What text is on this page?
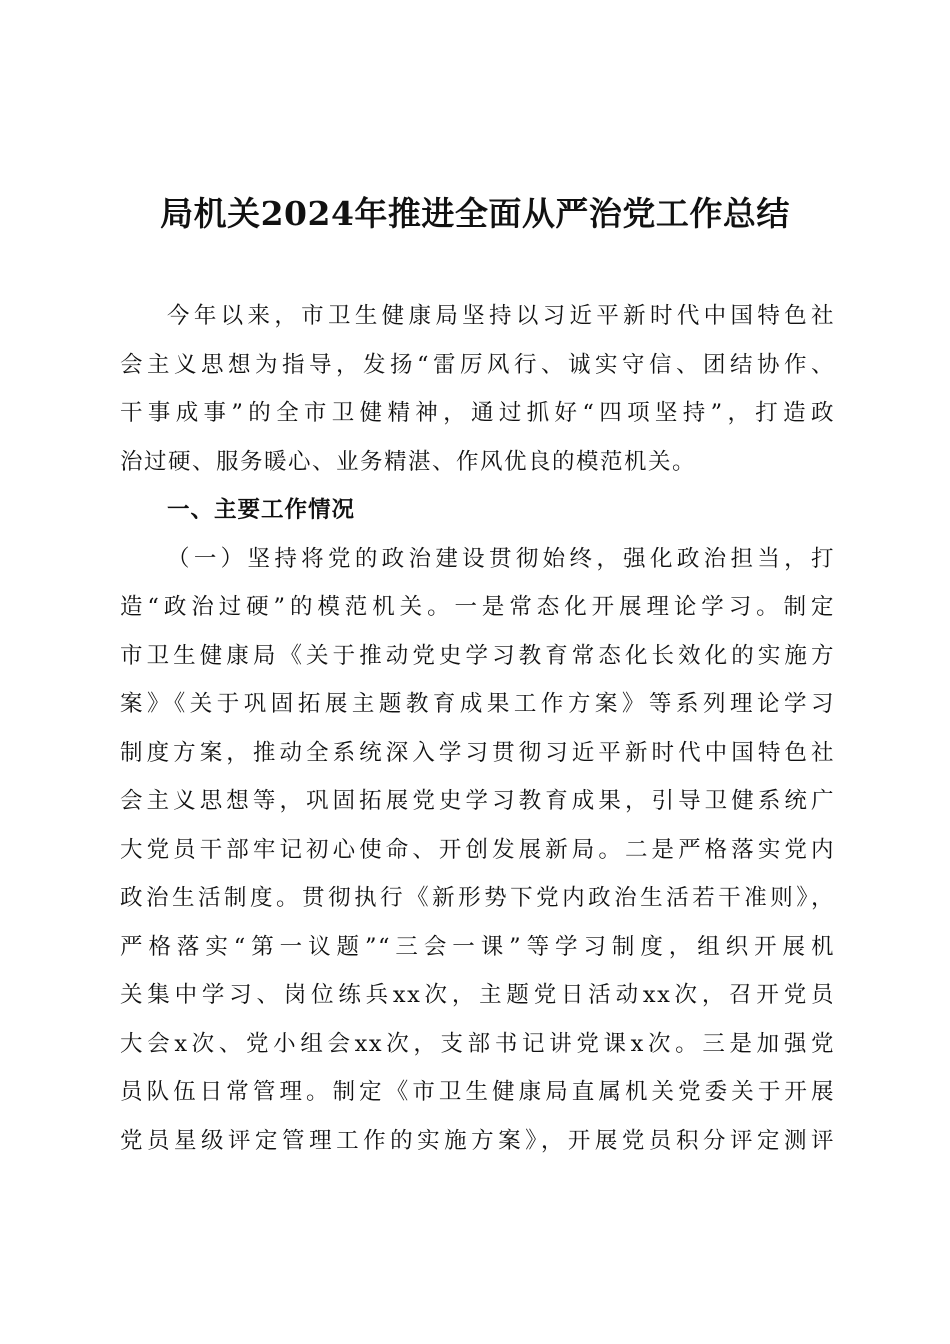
局机关2024年推进全面从严治党工作总结
今年以来，市卫生健康局坚持以习近平新时代中国特色社
会主义思想为指导，发扬“雷厉风行、诚实守信、团结协作、
干事成事”的全市卫健精神，通过抓好“四项坚持”，打造政
治过硬、服务暖心、业务精湛、作风优良的模范机关。
一、主要工作情况
（一）坚持将党的政治建设贯彻始终，强化政治担当，打
造“政治过硬”的模范机关。一是常态化开展理论学习。制定
市卫生健康局《关于推动党史学习教育常态化长效化的实施方
案》《关于巩固拓展主题教育成果工作方案》等系列理论学习
制度方案，推动全系统深入学习贯彻习近平新时代中国特色社
会主义思想等，巩固拓展党史学习教育成果，引导卫健系统广
大党员干部牢记初心使命、开创发展新局。二是严格落实党内
政治生活制度。贯彻执行《新形势下党内政治生活若干准则》，
严格落实“第一议题”“三会一课”等学习制度，组织开展机
关集中学习、岗位练兵xx次，主题党日活动xx次，召开党员
大会x次、党小组会xx次，支部书记讲党课x次。三是加强党
员队伍日常管理。制定《市卫生健康局直属机关党委关于开展
党员星级评定管理工作的实施方案》，开展党员积分评定测评
